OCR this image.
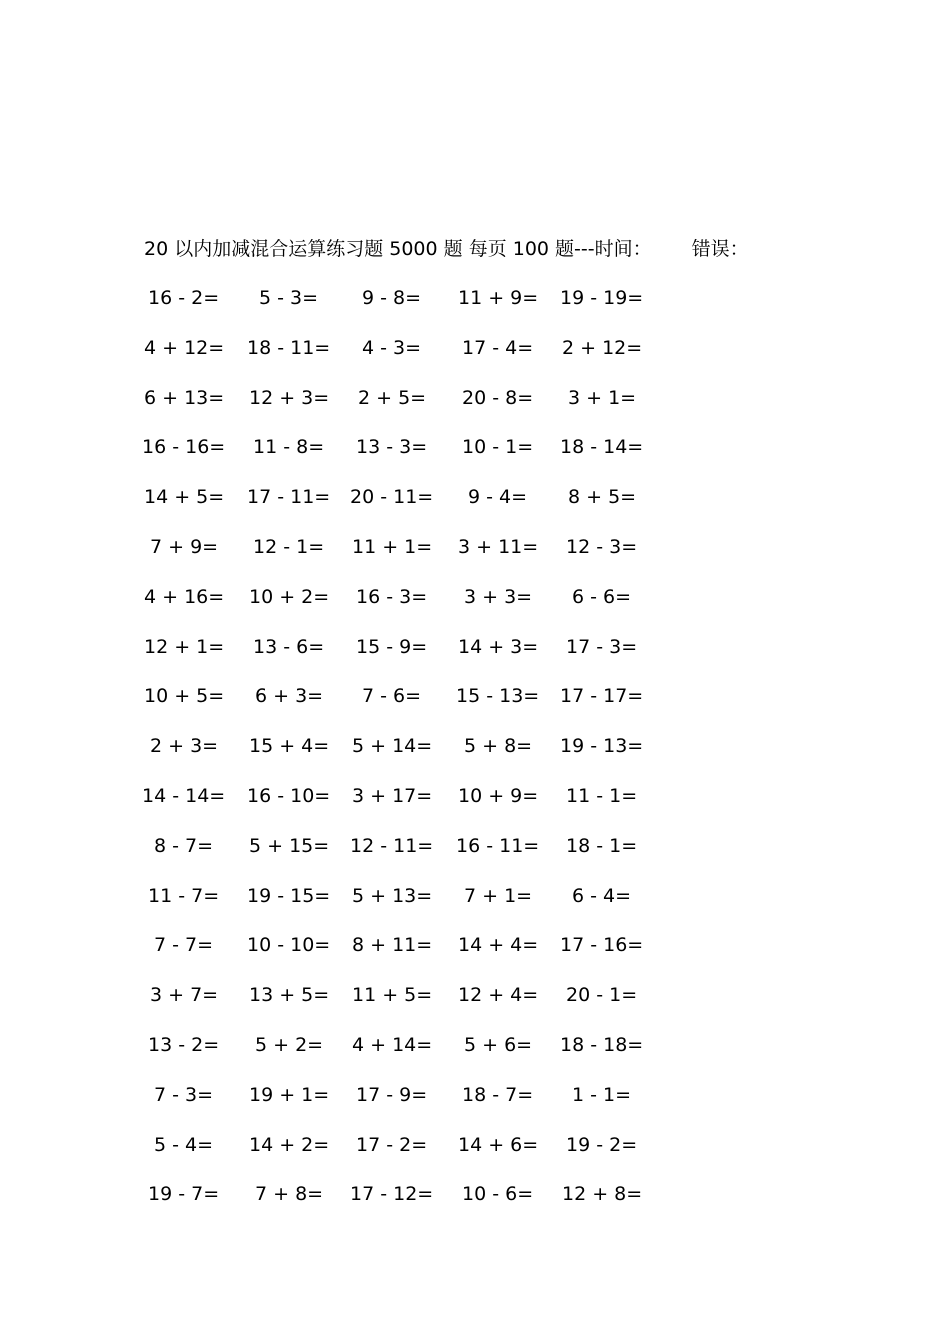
20 以内加减混合运算练习题 5000 题 每页 100 题---时间： 错误：
16 - 2= 5 - 3= 9 - 8= 11 + 9= 19 - 19=
4 + 12= 18 - 11= 4 - 3= 17 - 4= 2 + 12=
6 + 13= 12 + 3= 2 + 5= 20 - 8= 3 + 1=
16 - 16= 11 - 8= 13 - 3= 10 - 1= 18 - 14=
14 + 5= 17 - 11= 20 - 11= 9 - 4= 8 + 5=
7 + 9= 12 - 1= 11 + 1= 3 + 11= 12 - 3=
4 + 16= 10 + 2= 16 - 3= 3 + 3= 6 - 6=
12 + 1= 13 - 6= 15 - 9= 14 + 3= 17 - 3=
10 + 5= 6 + 3= 7 - 6= 15 - 13= 17 - 17=
2 + 3= 15 + 4= 5 + 14= 5 + 8= 19 - 13=
14 - 14= 16 - 10= 3 + 17= 10 + 9= 11 - 1=
8 - 7= 5 + 15= 12 - 11= 16 - 11= 18 - 1=
11 - 7= 19 - 15= 5 + 13= 7 + 1= 6 - 4=
7 - 7= 10 - 10= 8 + 11= 14 + 4= 17 - 16=
3 + 7= 13 + 5= 11 + 5= 12 + 4= 20 - 1=
13 - 2= 5 + 2= 4 + 14= 5 + 6= 18 - 18=
7 - 3= 19 + 1= 17 - 9= 18 - 7= 1 - 1=
5 - 4= 14 + 2= 17 - 2= 14 + 6= 19 - 2=
19 - 7= 7 + 8= 17 - 12= 10 - 6= 12 + 8=
